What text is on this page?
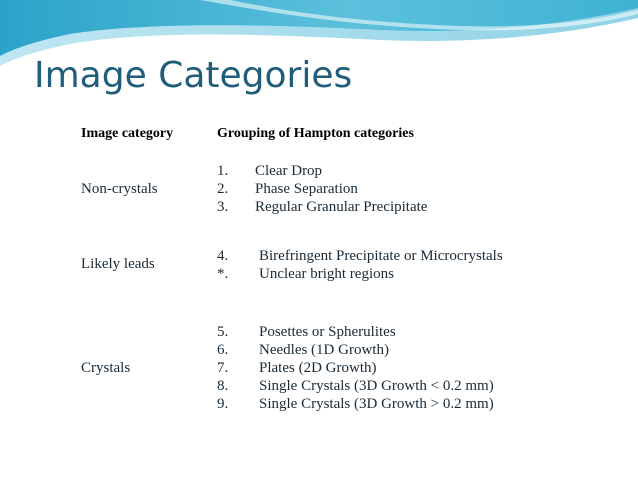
Image Categories
Image category	Grouping of Hampton categories
Non-crystals
1. Clear Drop
2. Phase Separation
3. Regular Granular Precipitate
Likely leads	4. Birefringent Precipitate or Microcrystals
*. Unclear bright regions
Crystals
5. Posettes or Spherulites
6. Needles (1D Growth)
7. Plates (2D Growth)
8. Single Crystals (3D Growth < 0.2 mm)
9. Single Crystals (3D Growth > 0.2 mm)
